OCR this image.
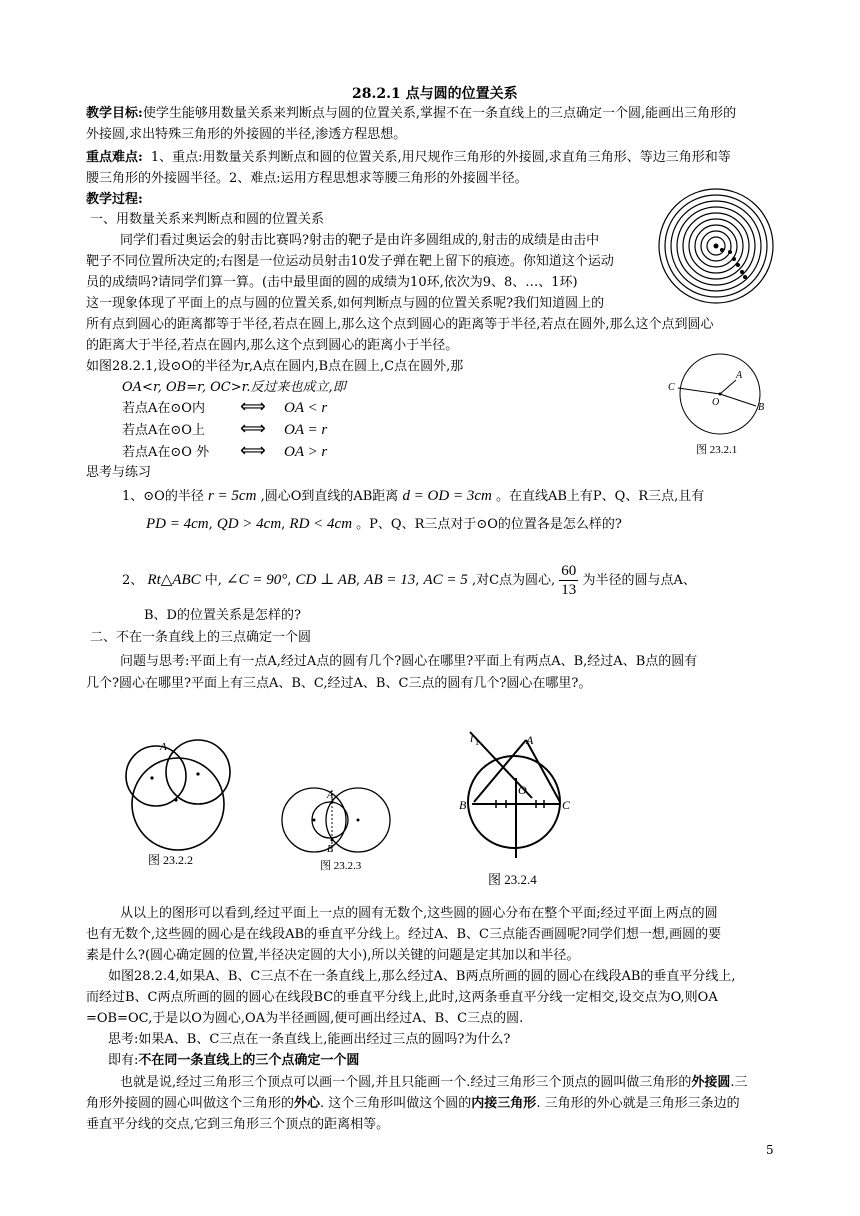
28.2.1 点与圆的位置关系
教学目标:使学生能够用数量关系来判断点与圆的位置关系,掌握不在一条直线上的三点确定一个圆,能画出三角形的
外接圆,求出特殊三角形的外接圆的半径,渗透方程思想。
重点难点: 1、重点:用数量关系判断点和圆的位置关系,用尺规作三角形的外接圆,求直角三角形、等边三角形和等
腰三角形的外接圆半径。2、难点:运用方程思想求等腰三角形的外接圆半径。
教学过程:
一、用数量关系来判断点和圆的位置关系
同学们看过奥运会的射击比赛吗?射击的靶子是由许多圆组成的,射击的成绩是由击中
靶子不同位置所决定的;右图是一位运动员射击10发子弹在靶上留下的痕迹。你知道这个运动
员的成绩吗?请同学们算一算。(击中最里面的圆的成绩为10环,依次为9、8、…、1环)
这一现象体现了平面上的点与圆的位置关系,如何判断点与圆的位置关系呢?我们知道圆上的
所有点到圆心的距离都等于半径,若点在圆上,那么这个点到圆心的距离等于半径,若点在圆外,那么这个点到圆心
的距离大于半径,若点在圆内,那么这个点到圆心的距离小于半径。
如图28.2.1,设⊙O的半径为r,A点在圆内,B点在圆上,C点在圆外,那
OA<r, OB=r, OC>r.反过来也成立,即
若点A在⊙O内 ⟺ OA < r
若点A在⊙O上 ⟺ OA = r
若点A在⊙O 外 ⟺ OA > r
C
A
O	B
图 23.2.1
思考与练习
1、⊙O的半径 r = 5cm ,圆心O到直线的AB距离 d = OD = 3cm 。在直线AB上有P、Q、R三点,且有
PD = 4cm, QD > 4cm, RD < 4cm 。P、Q、R三点对于⊙O的位置各是怎么样的?
2、 Rt△ABC 中, ∠C = 90°, CD ⊥ AB, AB = 13, AC = 5 ,对C点为圆心, $\frac{60}{13}$ 为半径的圆与点A、
B、D的位置关系是怎样的?
二、不在一条直线上的三点确定一个圆
问题与思考:平面上有一点A,经过A点的圆有几个?圆心在哪里?平面上有两点A、B,经过A、B点的圆有
几个?圆心在哪里?平面上有三点A、B、C,经过A、B、C三点的圆有几个?圆心在哪里?。
A
图 23.2.2
A
B
图 23.2.3
l 1	A
O
B	C
图 23.2.4
从以上的图形可以看到,经过平面上一点的圆有无数个,这些圆的圆心分布在整个平面;经过平面上两点的圆
也有无数个,这些圆的圆心是在线段AB的垂直平分线上。经过A、B、C三点能否画圆呢?同学们想一想,画圆的要
素是什么?(圆心确定圆的位置,半径决定圆的大小),所以关键的问题是定其加以和半径。
如图28.2.4,如果A、B、C三点不在一条直线上,那么经过A、B两点所画的圆的圆心在线段AB的垂直平分线上,
而经过B、C两点所画的圆的圆心在线段BC的垂直平分线上,此时,这两条垂直平分线一定相交,设交点为O,则OA
=OB=OC,于是以O为圆心,OA为半径画圆,便可画出经过A、B、C三点的圆.
思考:如果A、B、C三点在一条直线上,能画出经过三点的圆吗?为什么?
即有:不在同一条直线上的三个点确定一个圆
也就是说,经过三角形三个顶点可以画一个圆,并且只能画一个.经过三角形三个顶点的圆叫做三角形的外接圆.三
角形外接圆的圆心叫做这个三角形的外心. 这个三角形叫做这个圆的内接三角形. 三角形的外心就是三角形三条边的
垂直平分线的交点,它到三角形三个顶点的距离相等。
5
